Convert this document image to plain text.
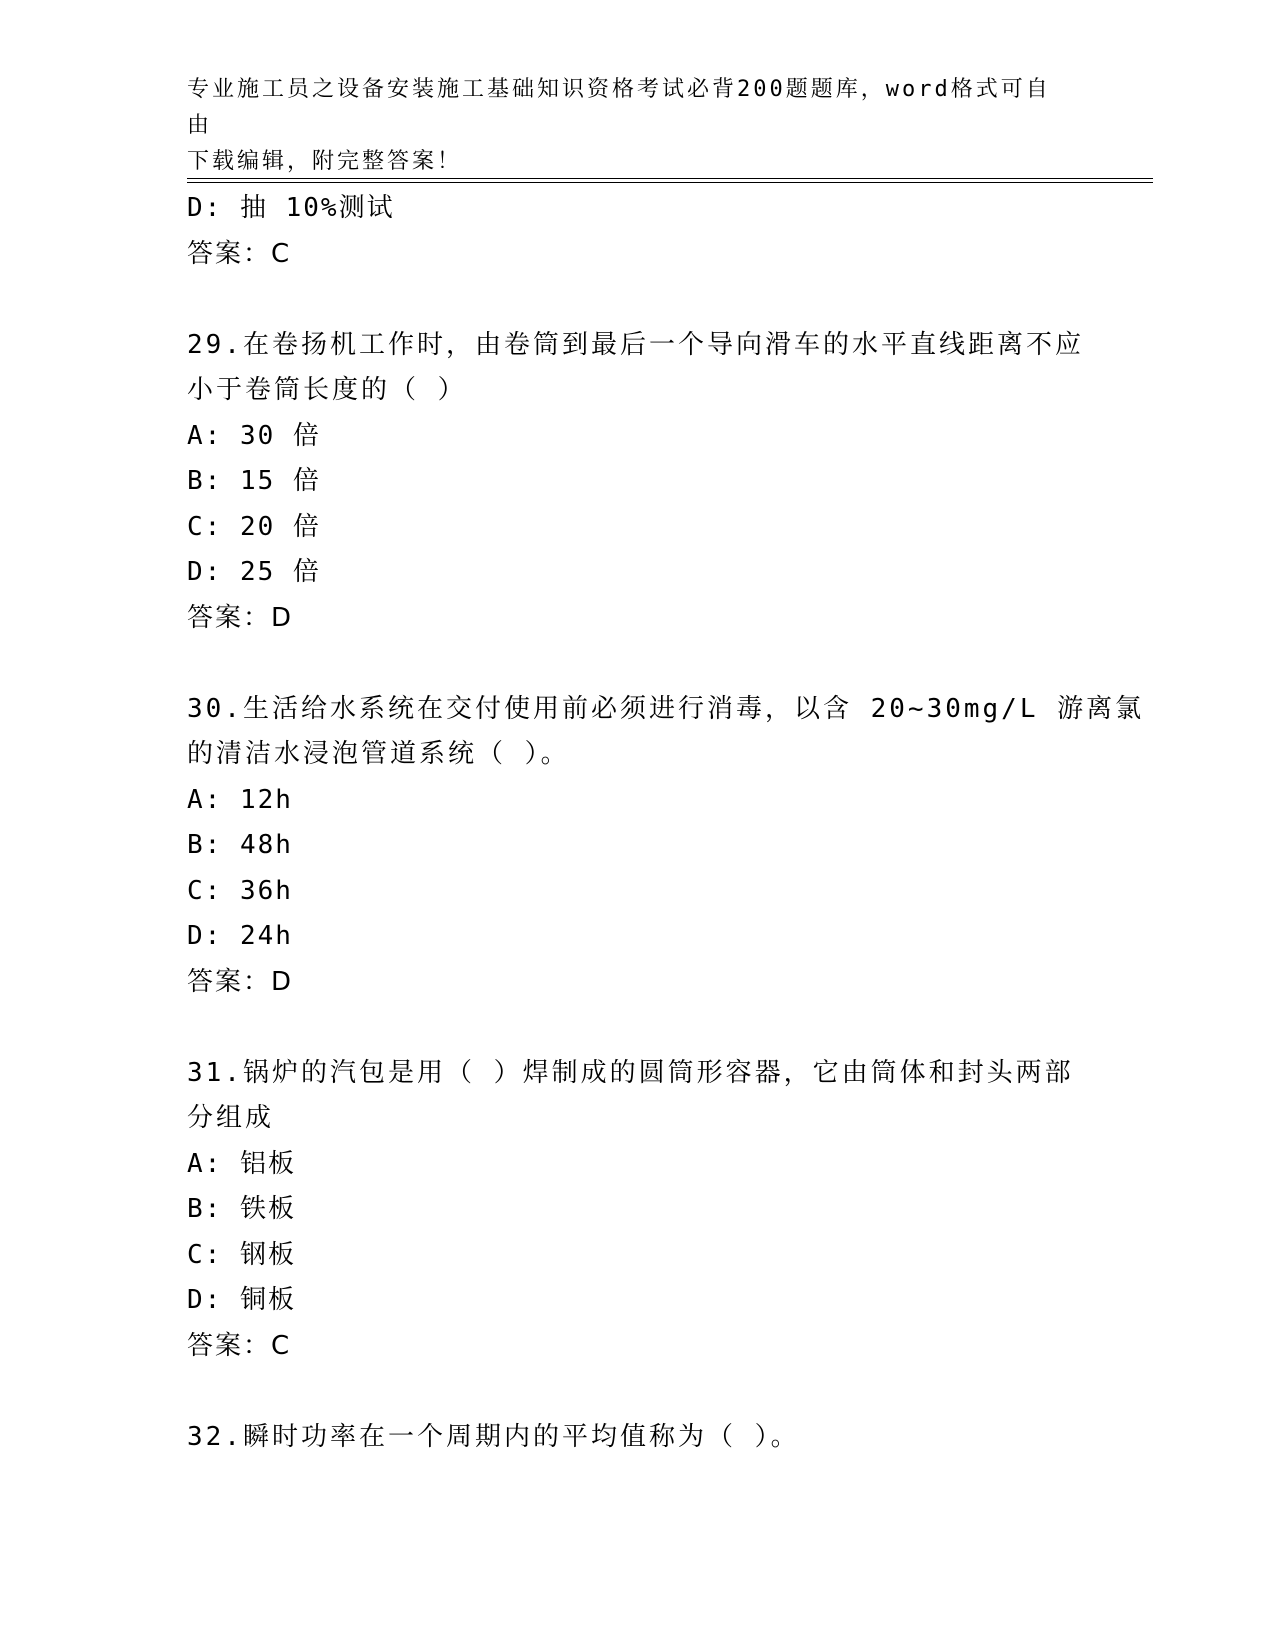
专业施工员之设备安装施工基础知识资格考试必背200题题库，word格式可自由
下载编辑，附完整答案！
D: 抽 10%测试
答案：C
29.在卷扬机工作时，由卷筒到最后一个导向滑车的水平直线距离不应
小于卷筒长度的（ ）
A: 30 倍
B: 15 倍
C: 20 倍
D: 25 倍
答案：D
30.生活给水系统在交付使用前必须进行消毒，以含 20~30mg/L 游离氯
的清洁水浸泡管道系统（ ）。
A: 12h
B: 48h
C: 36h
D: 24h
答案：D
31.锅炉的汽包是用（ ）焊制成的圆筒形容器，它由筒体和封头两部
分组成
A: 铝板
B: 铁板
C: 钢板
D: 铜板
答案：C
32.瞬时功率在一个周期内的平均值称为（ ）。
